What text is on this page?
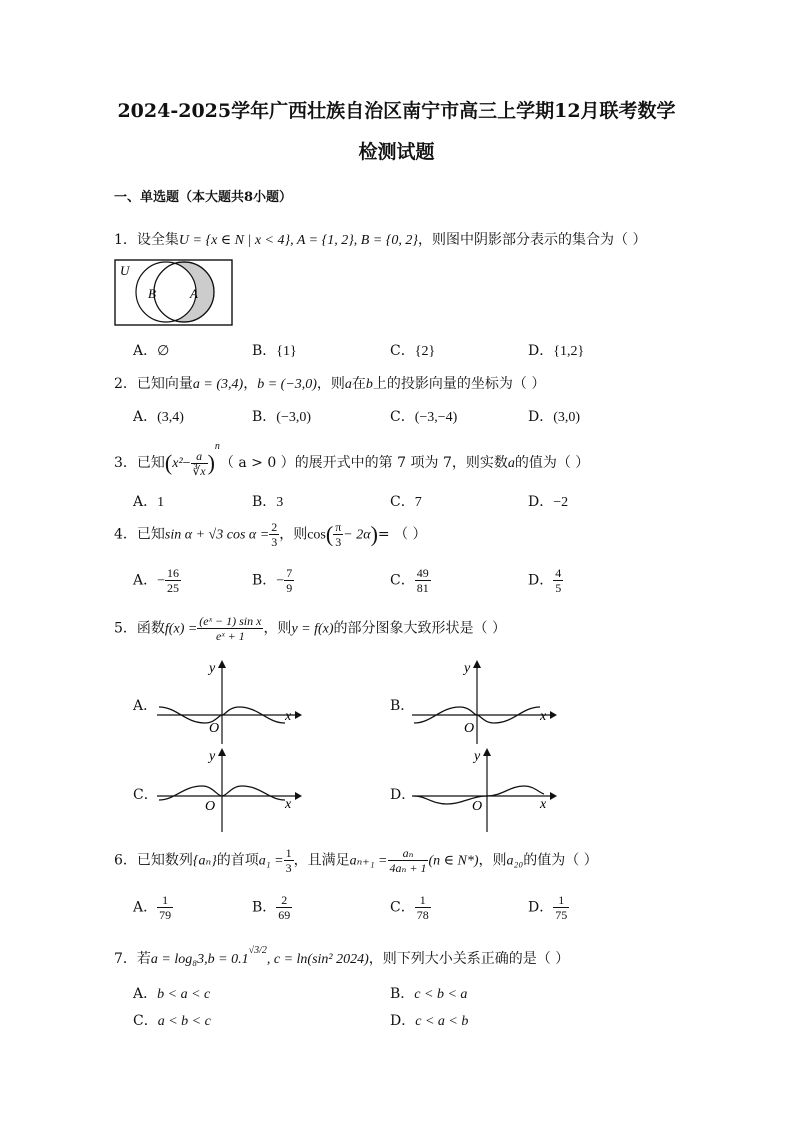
2024-2025学年广西壮族自治区南宁市高三上学期12月联考数学
检测试题
一、单选题（本大题共8小题）
1．设全集U = {x ∈ N | x < 4}, A = {1, 2}, B = {0, 2}，则图中阴影部分表示的集合为（ ）
U
B	A
A．∅	B．{1}	C．{2}	D．{1,2}
2．已知向量a = (3,4)，b = (−3,0)，则a在b上的投影向量的坐标为（ ）
A．(3,4)	B．(−3,0)	C．(−3,−4)	D．(3,0)
3．已知$(x^2- \frac{a}{∛x} )^n$（ a > 0 ）的展开式中的第 7 项为 7，则实数a的值为（ ）
A．1	B．3	C．7	D．−2
4．已知sin α + √3 $\cos \alpha = \frac{2}{3}$ ，则$\cos( \frac{\pi}{3} - 2\alpha)=$ （ ）
A．− $\frac{16}{25}$	B．− $\frac{7}{9}$	C． $\frac{49}{81}$	D． $\frac{4}{5}$
5．函数$f(x) = \frac{\text{(eˣ − 1) sin x}}{\text{eˣ + 1}}$ ，则y = f(x)的部分图象大致形状是（ ）
A．
y
x
O
B．
y
x
O
C．
y
x
O
D．
y
x
O
6．已知数列{aₙ}的首项$a_1 = \frac{1}{3}$ ，且满足$a_{n+1} = \frac{\text{aₙ}}{\text{4aₙ + 1}} (n$ ∈ N*)，则a₂₀的值为（ ）
A． $\frac{1}{79}$	B． $\frac{2}{69}$	C． $\frac{1}{78}$	D． $\frac{1}{75}$
7．若$a = \log_83,b = 0.1^{√3/2}$, c = ln(sin² 2024)，则下列大小关系正确的是（ ）
A．b < a < c	B．c < b < a
C．a < b < c	D．c < a < b
